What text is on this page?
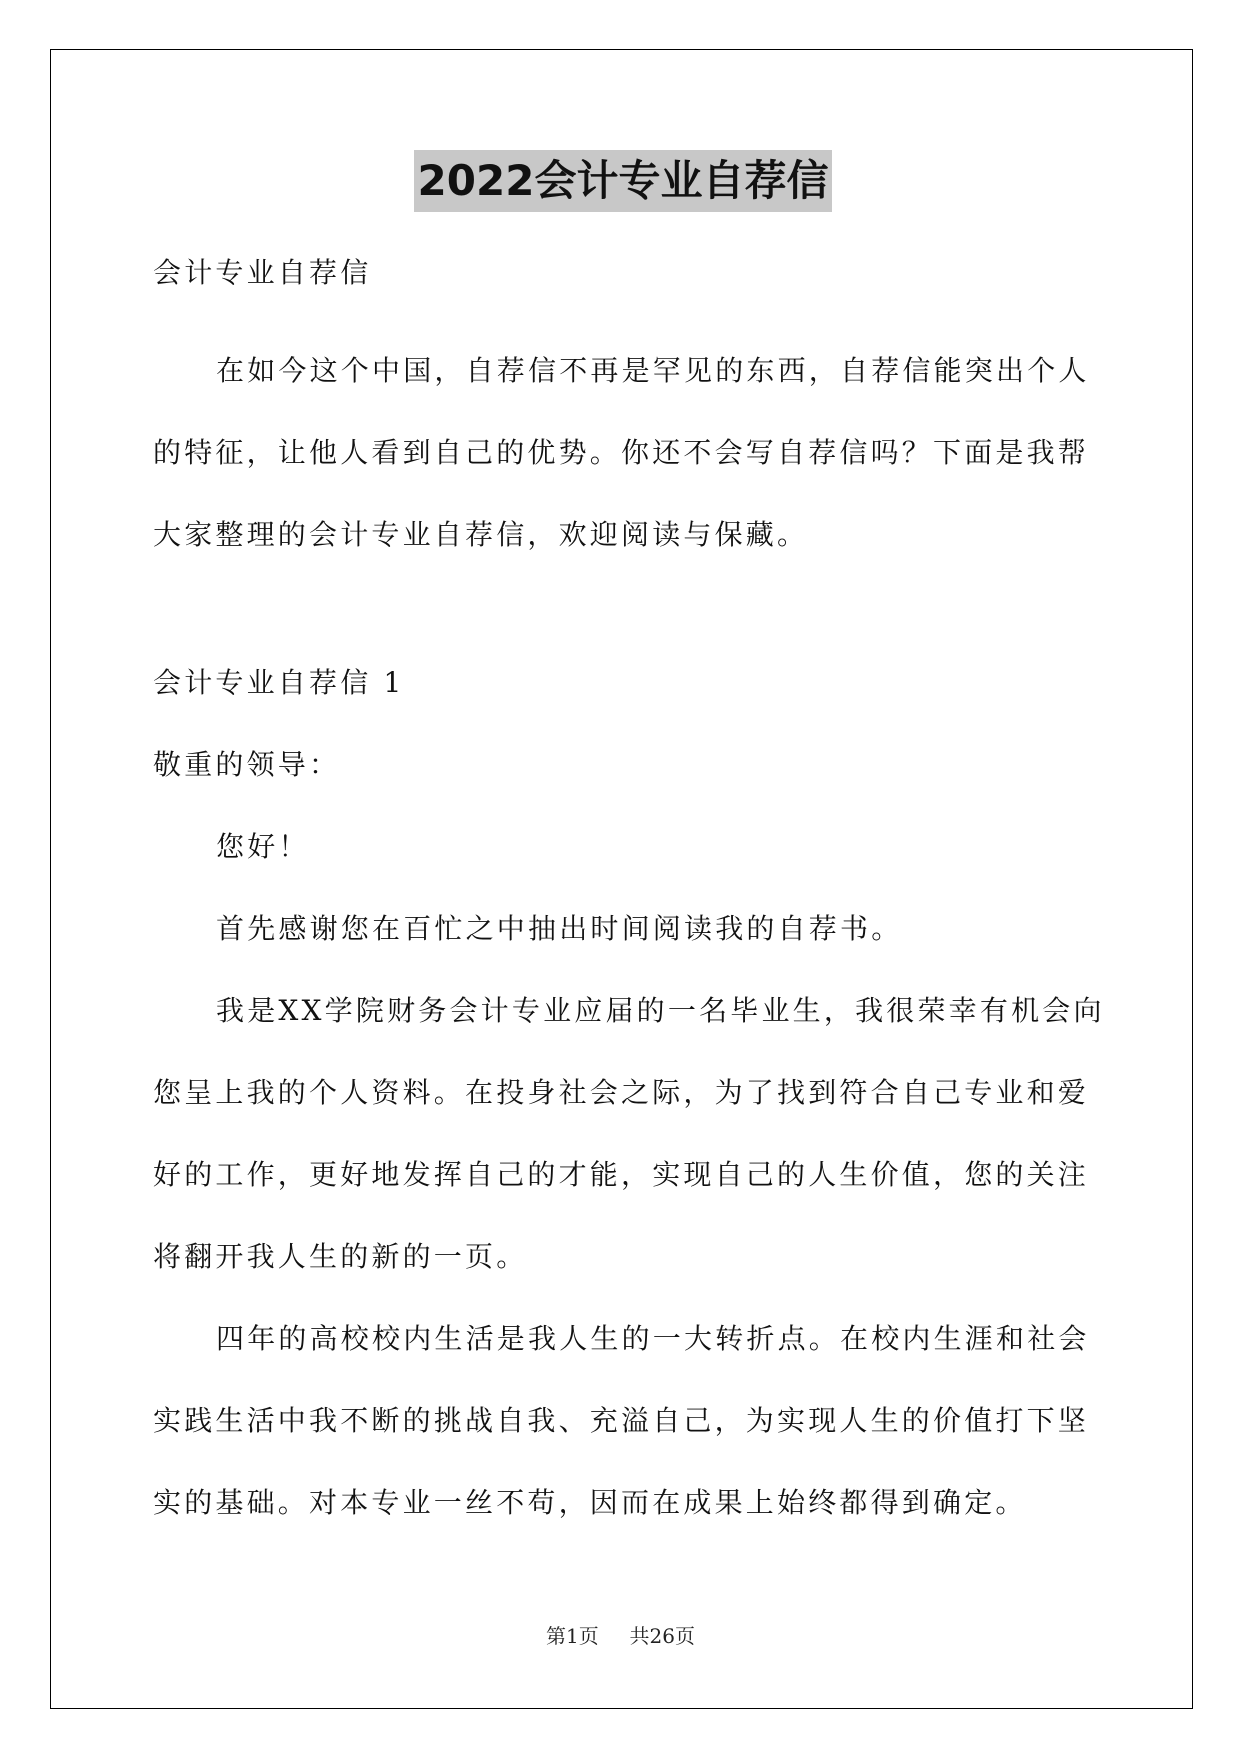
2022会计专业自荐信

会计专业自荐信

在如今这个中国，自荐信不再是罕见的东西，自荐信能突出个人

的特征，让他人看到自己的优势。你还不会写自荐信吗？下面是我帮

大家整理的会计专业自荐信，欢迎阅读与保藏。

会计专业自荐信 1

敬重的领导：

您好！

首先感谢您在百忙之中抽出时间阅读我的自荐书。

我是XX学院财务会计专业应届的一名毕业生，我很荣幸有机会向

您呈上我的个人资料。在投身社会之际，为了找到符合自己专业和爱

好的工作，更好地发挥自己的才能，实现自己的人生价值，您的关注

将翻开我人生的新的一页。

四年的高校校内生活是我人生的一大转折点。在校内生涯和社会

实践生活中我不断的挑战自我、充溢自己，为实现人生的价值打下坚

实的基础。对本专业一丝不苟，因而在成果上始终都得到确定。

第1页 共26页
